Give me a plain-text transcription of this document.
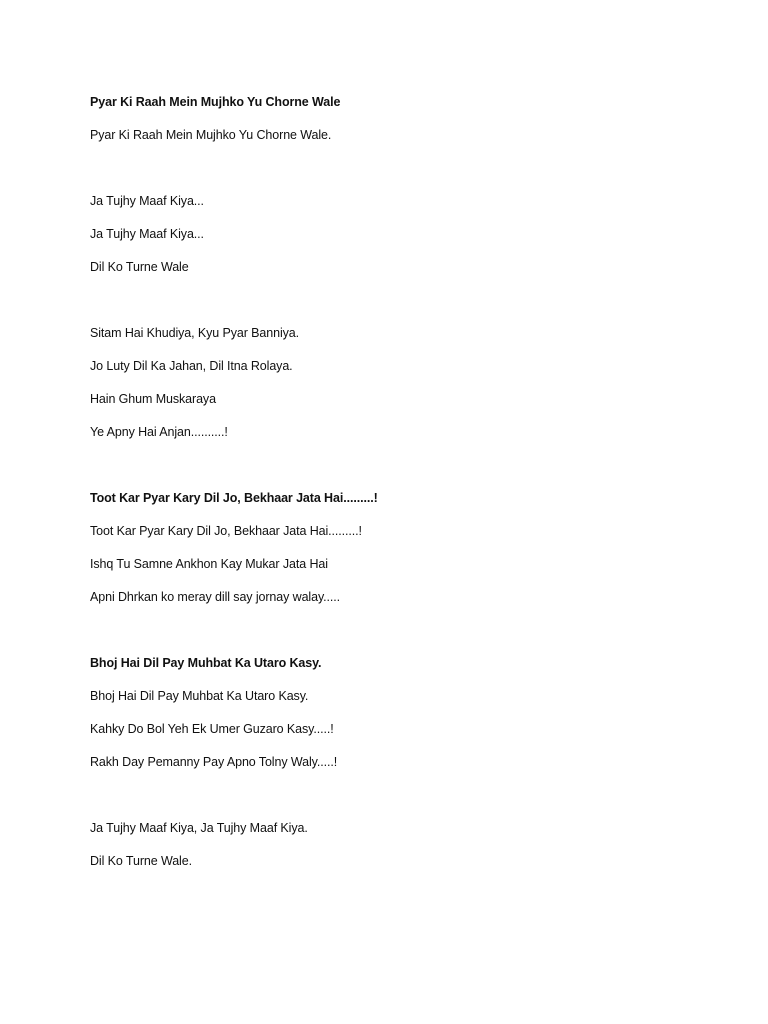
Pyar Ki Raah Mein Mujhko Yu Chorne Wale
Pyar Ki Raah Mein Mujhko Yu Chorne Wale.
Ja Tujhy Maaf Kiya...
Ja Tujhy Maaf Kiya...
Dil Ko Turne Wale
Sitam Hai Khudiya, Kyu Pyar Banniya.
Jo Luty Dil Ka Jahan, Dil Itna Rolaya.
Hain Ghum Muskaraya
Ye Apny Hai Anjan..........!
Toot Kar Pyar Kary Dil Jo, Bekhaar Jata Hai.........!
Toot Kar Pyar Kary Dil Jo, Bekhaar Jata Hai.........!
Ishq Tu Samne Ankhon Kay Mukar Jata Hai
Apni Dhrkan ko meray dill say jornay walay.....
Bhoj Hai Dil Pay Muhbat Ka Utaro Kasy.
Bhoj Hai Dil Pay Muhbat Ka Utaro Kasy.
Kahky Do Bol Yeh Ek Umer Guzaro Kasy.....!
Rakh Day Pemanny Pay Apno Tolny Waly.....!
Ja Tujhy Maaf Kiya, Ja Tujhy Maaf Kiya.
Dil Ko Turne Wale.
